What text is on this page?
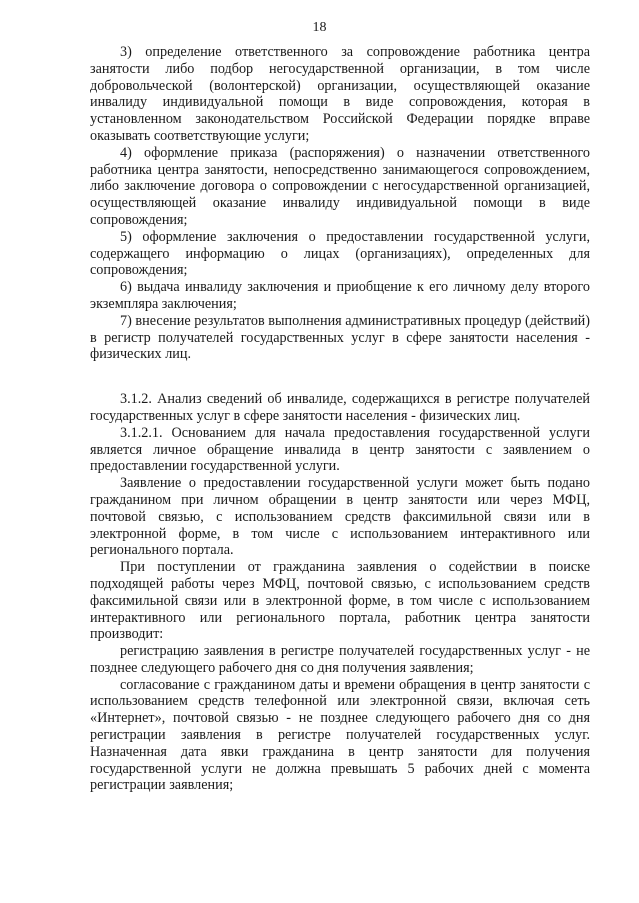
18

3) определение ответственного за сопровождение работника центра занятости либо подбор негосударственной организации, в том числе добровольческой (волонтерской) организации, осуществляющей оказание инвалиду индивидуальной помощи в виде сопровождения, которая в установленном законодательством Российской Федерации порядке вправе оказывать соответствующие услуги;

4) оформление приказа (распоряжения) о назначении ответственного работника центра занятости, непосредственно занимающегося сопровождением, либо заключение договора о сопровождении с негосударственной организацией, осуществляющей оказание инвалиду индивидуальной помощи в виде сопровождения;

5) оформление заключения о предоставлении государственной услуги, содержащего информацию о лицах (организациях), определенных для сопровождения;

6) выдача инвалиду заключения и приобщение к его личному делу второго экземпляра заключения;

7) внесение результатов выполнения административных процедур (действий) в регистр получателей государственных услуг в сфере занятости населения - физических лиц.

3.1.2. Анализ сведений об инвалиде, содержащихся в регистре получателей государственных услуг в сфере занятости населения - физических лиц.

3.1.2.1. Основанием для начала предоставления государственной услуги является личное обращение инвалида в центр занятости с заявлением о предоставлении государственной услуги.

Заявление о предоставлении государственной услуги может быть подано гражданином при личном обращении в центр занятости или через МФЦ, почтовой связью, с использованием средств факсимильной связи или в электронной форме, в том числе с использованием интерактивного или регионального портала.

При поступлении от гражданина заявления о содействии в поиске подходящей работы через МФЦ, почтовой связью, с использованием средств факсимильной связи или в электронной форме, в том числе с использованием интерактивного или регионального портала, работник центра занятости производит:

регистрацию заявления в регистре получателей государственных услуг - не позднее следующего рабочего дня со дня получения заявления;

согласование с гражданином даты и времени обращения в центр занятости с использованием средств телефонной или электронной связи, включая сеть «Интернет», почтовой связью - не позднее следующего рабочего дня со дня регистрации заявления в регистре получателей государственных услуг. Назначенная дата явки гражданина в центр занятости для получения государственной услуги не должна превышать 5 рабочих дней с момента регистрации заявления;
